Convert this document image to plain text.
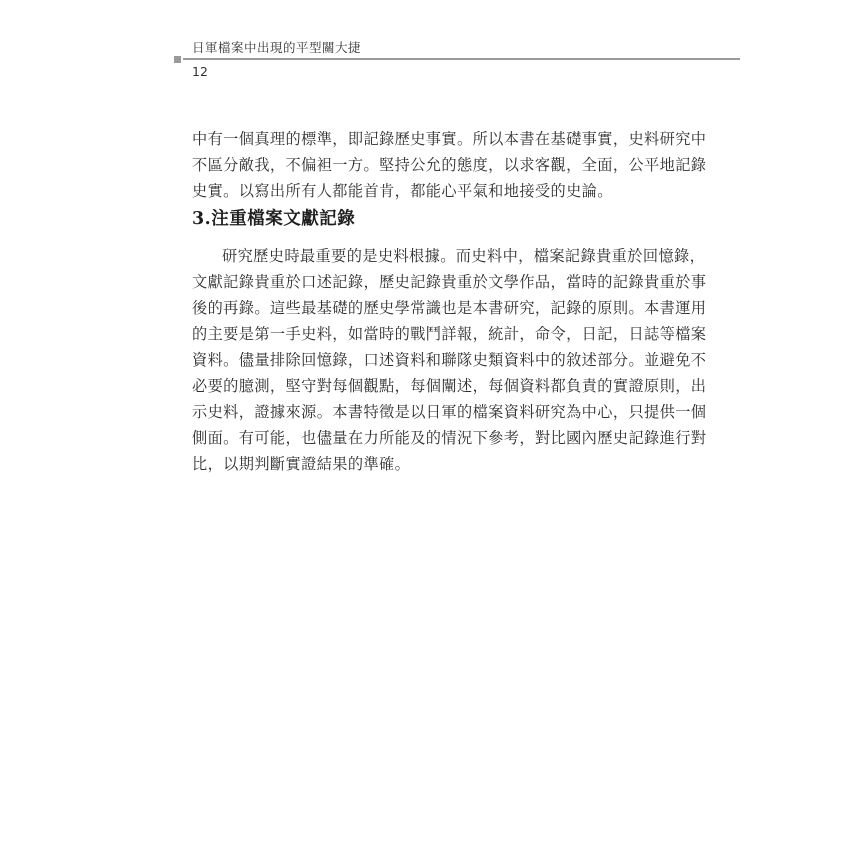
日軍檔案中出現的平型關大捷
12
中有一個真理的標準，即記錄歷史事實。所以本書在基礎事實，史料研究中
不區分敵我，不偏袒一方。堅持公允的態度，以求客觀，全面，公平地記錄
史實。以寫出所有人都能首肯，都能心平氣和地接受的史論。
3.注重檔案文獻記錄
研究歷史時最重要的是史料根據。而史料中，檔案記錄貴重於回憶錄，
文獻記錄貴重於口述記錄，歷史記錄貴重於文學作品，當時的記錄貴重於事
後的再錄。這些最基礎的歷史學常識也是本書研究，記錄的原則。本書運用
的主要是第一手史料，如當時的戰鬥詳報，統計，命令，日記，日誌等檔案
資料。儘量排除回憶錄，口述資料和聯隊史類資料中的敘述部分。並避免不
必要的臆測，堅守對每個觀點，每個闡述，每個資料都負責的實證原則，出
示史料，證據來源。本書特徵是以日軍的檔案資料研究為中心，只提供一個
側面。有可能，也儘量在力所能及的情況下參考，對比國內歷史記錄進行對
比，以期判斷實證結果的準確。
